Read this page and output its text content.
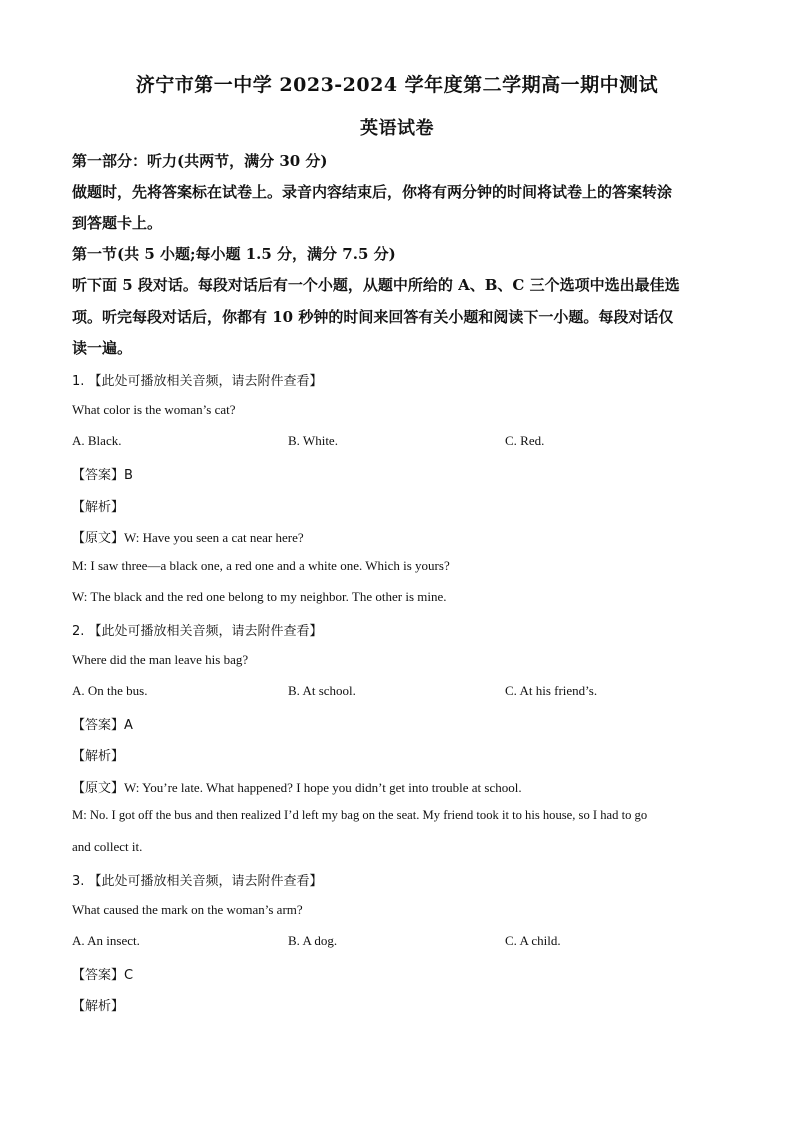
济宁市第一中学 2023-2024 学年度第二学期高一期中测试
英语试卷
第一部分：听力(共两节，满分 30 分)
做题时，先将答案标在试卷上。录音内容结束后，你将有两分钟的时间将试卷上的答案转涂
到答题卡上。
第一节(共 5 小题;每小题 1.5 分，满分 7.5 分)
听下面 5 段对话。每段对话后有一个小题，从题中所给的 A、B、C 三个选项中选出最佳选
项。听完每段对话后，你都有 10 秒钟的时间来回答有关小题和阅读下一小题。每段对话仅
读一遍。
1. 【此处可播放相关音频，请去附件查看】
What color is the woman’s cat?
A. Black.	B. White.	C. Red.
【答案】B
【解析】
【原文】W: Have you seen a cat near here?
M: I saw three—a black one, a red one and a white one. Which is yours?
W: The black and the red one belong to my neighbor. The other is mine.
2. 【此处可播放相关音频，请去附件查看】
Where did the man leave his bag?
A. On the bus.	B. At school.	C. At his friend’s.
【答案】A
【解析】
【原文】W: You’re late. What happened? I hope you didn’t get into trouble at school.
M: No. I got off the bus and then realized I’d left my bag on the seat. My friend took it to his house, so I had to go
and collect it.
3. 【此处可播放相关音频，请去附件查看】
What caused the mark on the woman’s arm?
A. An insect.	B. A dog.	C. A child.
【答案】C
【解析】
